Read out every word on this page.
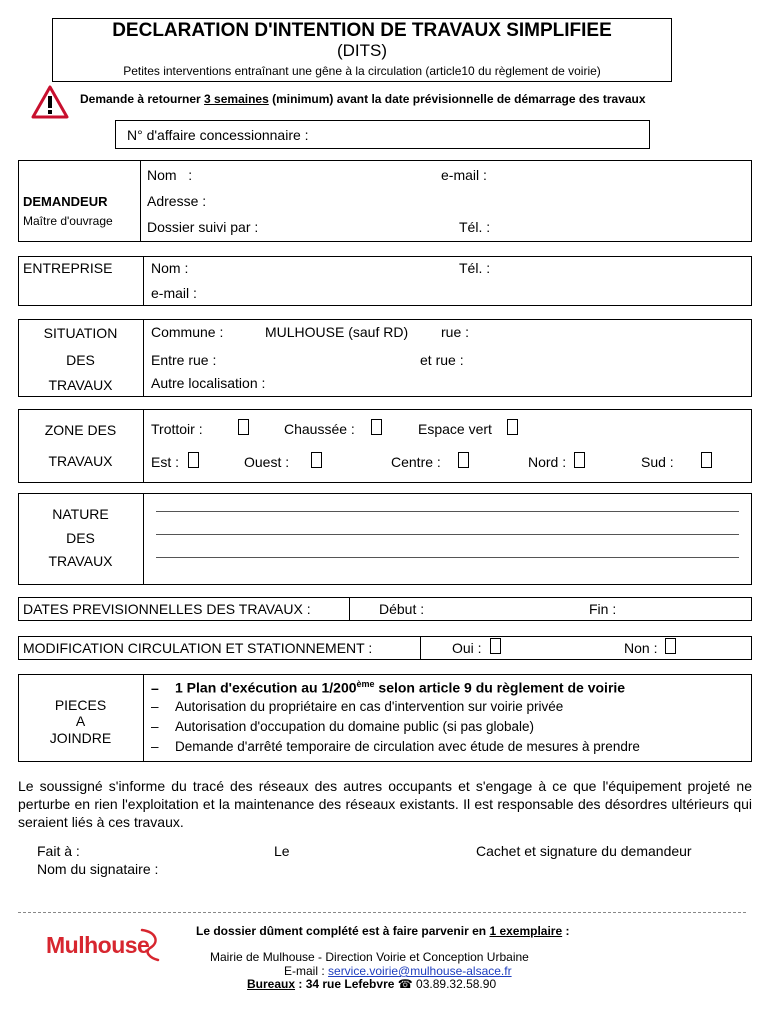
DECLARATION D'INTENTION DE TRAVAUX SIMPLIFIEE
(DITS)
Petites interventions entraînant une gêne à la circulation (article10 du règlement de voirie)
Demande à retourner 3 semaines (minimum) avant la date prévisionnelle de démarrage des travaux
N° d'affaire concessionnaire :
DEMANDEUR
Maître d'ouvrage
Nom   :	e-mail :
Adresse :
Dossier suivi par :	Tél. :
ENTREPRISE	Nom :	Tél. :
e-mail :
SITUATION
DES
TRAVAUX
Commune :	MULHOUSE (sauf RD) rue :
Entre rue :	et rue :
Autre localisation :
ZONE DES
TRAVAUX
Trottoir :	Chaussée :	Espace vert
Est :	Ouest :	Centre :	Nord :	Sud :
NATURE
DES
TRAVAUX
DATES PREVISIONNELLES DES TRAVAUX :	Début :	Fin :
MODIFICATION CIRCULATION ET STATIONNEMENT :	Oui :	Non :
PIECES
A
JOINDRE
– 1 Plan d'exécution au 1/200ème selon article 9 du règlement de voirie
– Autorisation du propriétaire en cas d'intervention sur voirie privée
– Autorisation d'occupation du domaine public (si pas globale)
– Demande d'arrêté temporaire de circulation avec étude de mesures à prendre
Le soussigné s'informe du tracé des réseaux des autres occupants et s'engage à ce que l'équipement projeté ne perturbe en rien l'exploitation et la maintenance des réseaux existants. Il est responsable des désordres ultérieurs qui seraient liés à ces travaux.
Fait à :	Le	Cachet et signature du demandeur
Nom du signataire :
Le dossier dûment complété est à faire parvenir en 1 exemplaire :
Mulhouse	Mairie de Mulhouse - Direction Voirie et Conception Urbaine
E-mail : service.voirie@mulhouse-alsace.fr
Bureaux : 34 rue Lefebvre ☎ 03.89.32.58.90
